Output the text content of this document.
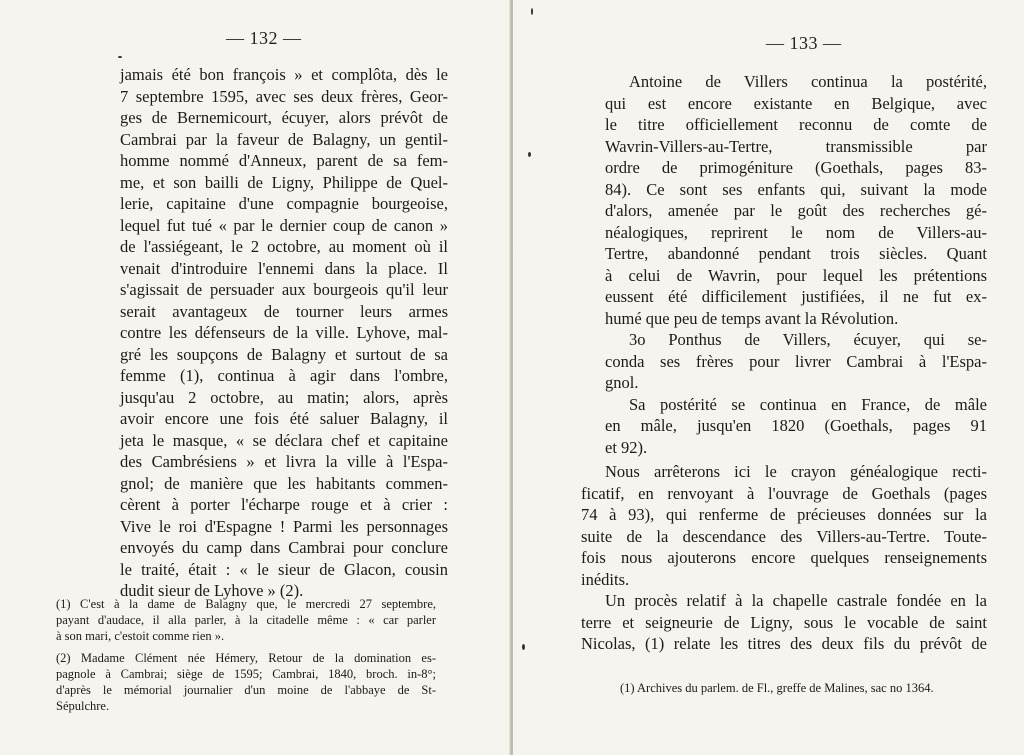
— 132 —
jamais été bon françois » et complôta, dès le
7 septembre 1595, avec ses deux frères, Geor-
ges de Bernemicourt, écuyer, alors prévôt de
Cambrai par la faveur de Balagny, un gentil-
homme nommé d'Anneux, parent de sa fem-
me, et son bailli de Ligny, Philippe de Quel-
lerie, capitaine d'une compagnie bourgeoise,
lequel fut tué « par le dernier coup de canon »
de l'assiégeant, le 2 octobre, au moment où il
venait d'introduire l'ennemi dans la place. Il
s'agissait de persuader aux bourgeois qu'il leur
serait avantageux de tourner leurs armes
contre les défenseurs de la ville. Lyhove, mal-
gré les soupçons de Balagny et surtout de sa
femme (1), continua à agir dans l'ombre,
jusqu'au 2 octobre, au matin; alors, après
avoir encore une fois été saluer Balagny, il
jeta le masque, « se déclara chef et capitaine
des Cambrésiens » et livra la ville à l'Espa-
gnol; de manière que les habitants commen-
cèrent à porter l'écharpe rouge et à crier :
Vive le roi d'Espagne ! Parmi les personnages
envoyés du camp dans Cambrai pour conclure
le traité, était : « le sieur de Glacon, cousin
dudit sieur de Lyhove » (2).
(1) C'est à la dame de Balagny que, le mercredi 27 septembre,
payant d'audace, il alla parler, à la citadelle même : « car parler
à son mari, c'estoit comme rien ».
(2) Madame Clément née Hémery, Retour de la domination es-
pagnole à Cambrai; siège de 1595; Cambrai, 1840, broch. in-8°;
d'après le mémorial journalier d'un moine de l'abbaye de St-
Sépulchre.
— 133 —
Antoine de Villers continua la postérité,
qui est encore existante en Belgique, avec
le titre officiellement reconnu de comte de
Wavrin-Villers-au-Tertre, transmissible par
ordre de primogéniture (Goethals, pages 83-
84). Ce sont ses enfants qui, suivant la mode
d'alors, amenée par le goût des recherches gé-
néalogiques, reprirent le nom de Villers-au-
Tertre, abandonné pendant trois siècles. Quant
à celui de Wavrin, pour lequel les prétentions
eussent été difficilement justifiées, il ne fut ex-
humé que peu de temps avant la Révolution.
3o Ponthus de Villers, écuyer, qui se-
conda ses frères pour livrer Cambrai à l'Espa-
gnol.
Sa postérité se continua en France, de mâle
en mâle, jusqu'en 1820 (Goethals, pages 91
et 92).
Nous arrêterons ici le crayon généalogique recti-
ficatif, en renvoyant à l'ouvrage de Goethals (pages
74 à 93), qui renferme de précieuses données sur la
suite de la descendance des Villers-au-Tertre. Toute-
fois nous ajouterons encore quelques renseignements
inédits.
Un procès relatif à la chapelle castrale fondée en la
terre et seigneurie de Ligny, sous le vocable de saint
Nicolas, (1) relate les titres des deux fils du prévôt de
(1) Archives du parlem. de Fl., greffe de Malines, sac no 1364.
